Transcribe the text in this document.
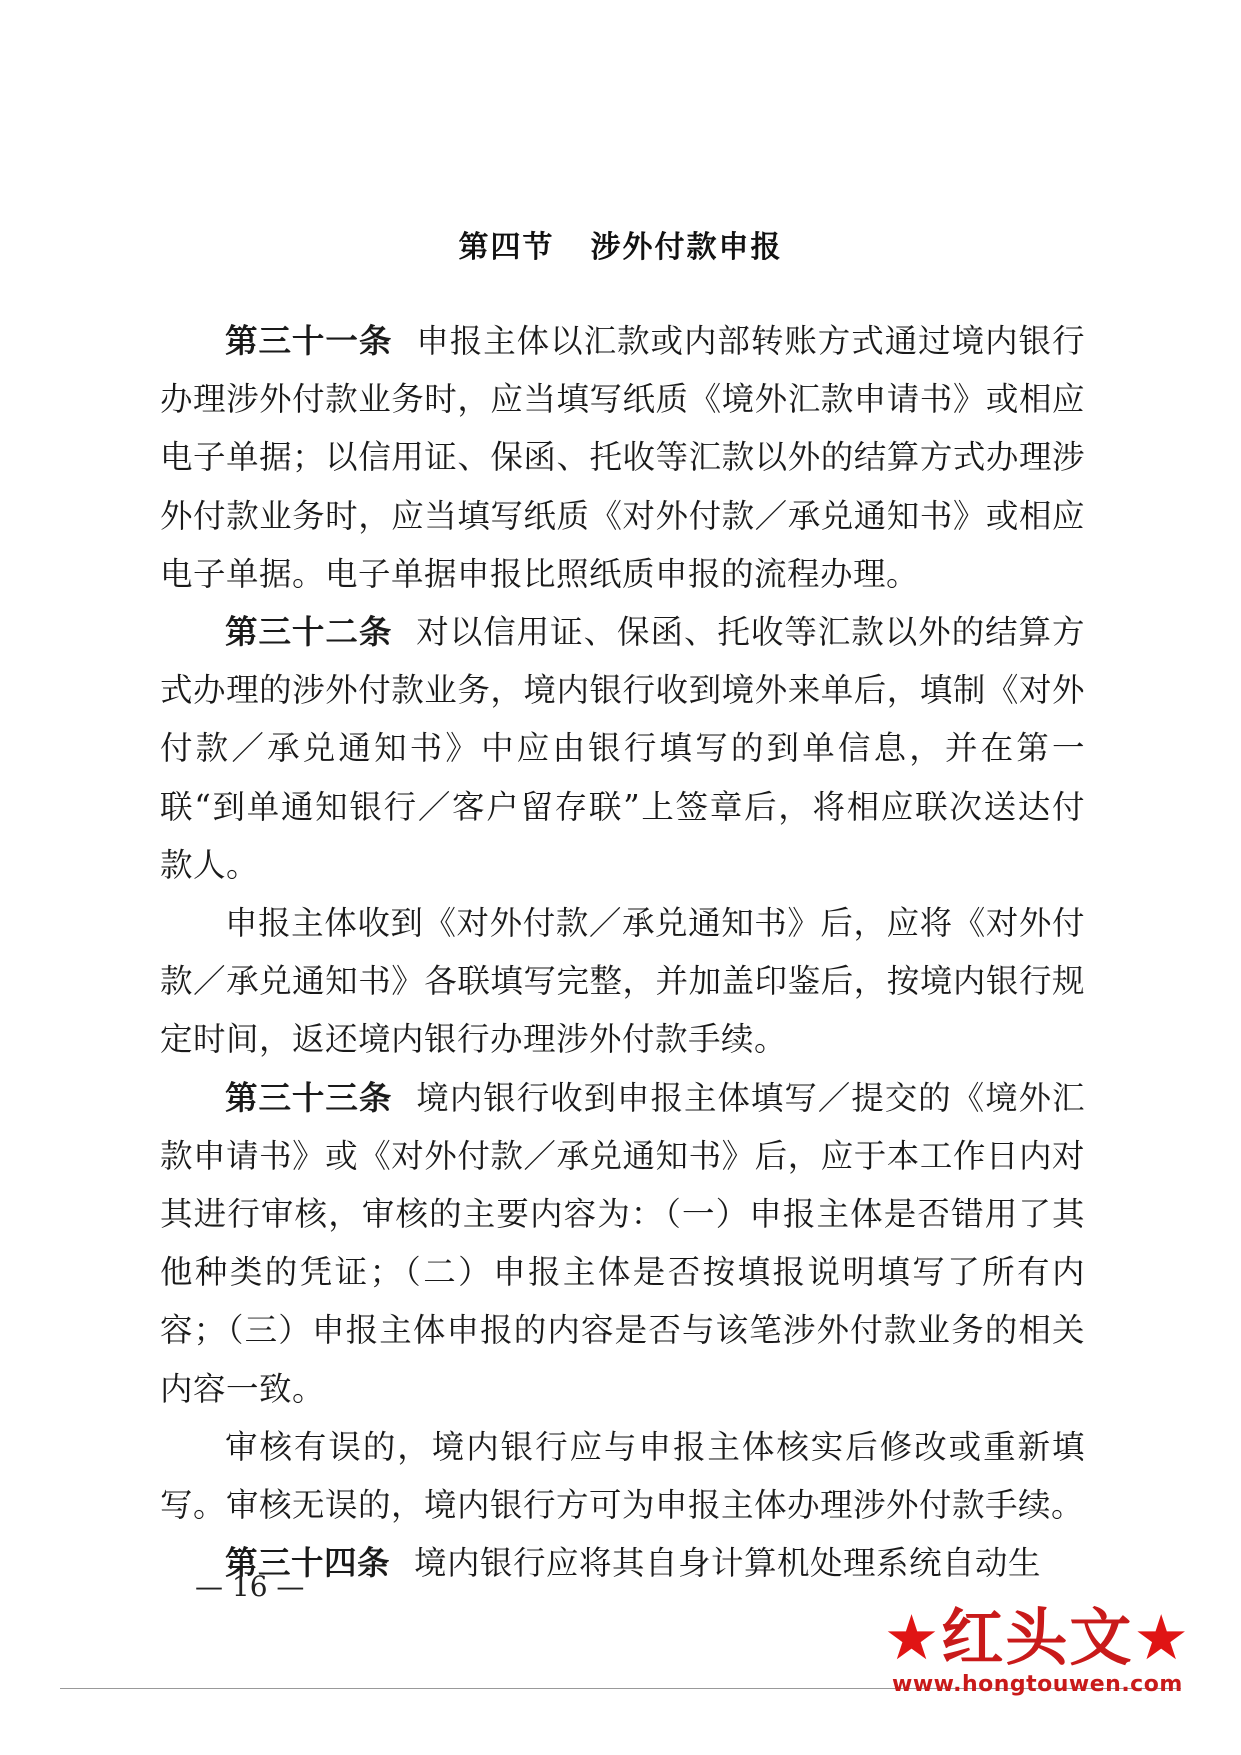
第四节 涉外付款申报

第三十一条 申报主体以汇款或内部转账方式通过境内银行办理涉外付款业务时，应当填写纸质《境外汇款申请书》或相应电子单据；以信用证、保函、托收等汇款以外的结算方式办理涉外付款业务时，应当填写纸质《对外付款／承兑通知书》或相应电子单据。电子单据申报比照纸质申报的流程办理。

第三十二条 对以信用证、保函、托收等汇款以外的结算方式办理的涉外付款业务，境内银行收到境外来单后，填制《对外付款／承兑通知书》中应由银行填写的到单信息，并在第一联“到单通知银行／客户留存联”上签章后，将相应联次送达付款人。

申报主体收到《对外付款／承兑通知书》后，应将《对外付款／承兑通知书》各联填写完整，并加盖印鉴后，按境内银行规定时间，返还境内银行办理涉外付款手续。

第三十三条 境内银行收到申报主体填写／提交的《境外汇款申请书》或《对外付款／承兑通知书》后，应于本工作日内对其进行审核，审核的主要内容为：（一）申报主体是否错用了其他种类的凭证；（二）申报主体是否按填报说明填写了所有内容；（三）申报主体申报的内容是否与该笔涉外付款业务的相关内容一致。

审核有误的，境内银行应与申报主体核实后修改或重新填写。审核无误的，境内银行方可为申报主体办理涉外付款手续。

第三十四条 境内银行应将其自身计算机处理系统自动生

— 16 —
★红头文★
www.hongtouwen.com
